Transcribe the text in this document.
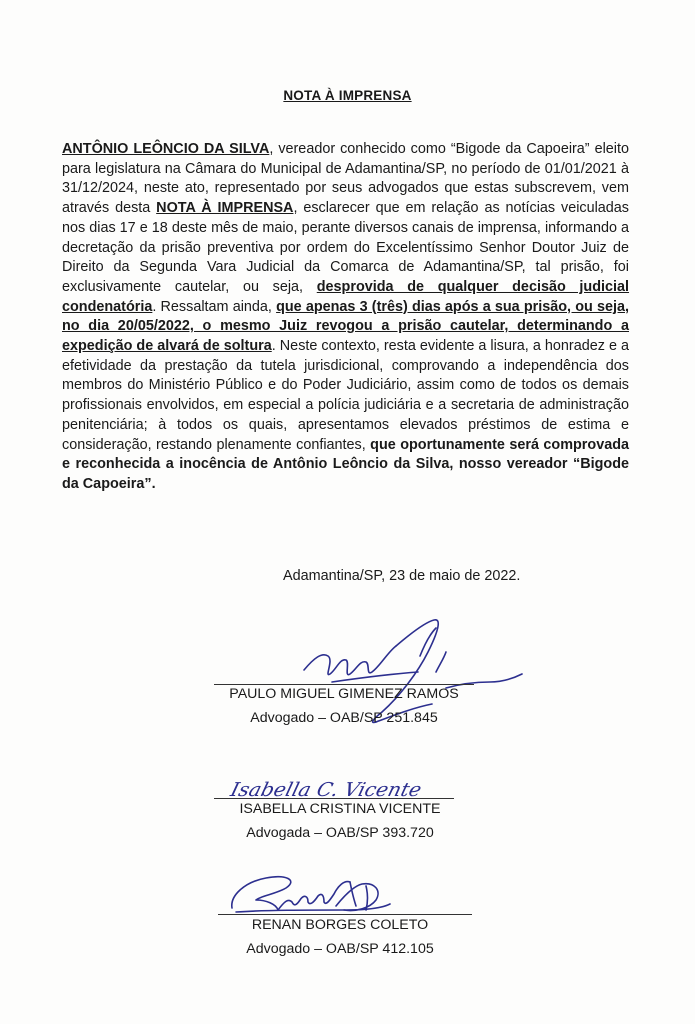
NOTA À IMPRENSA
ANTÔNIO LEÔNCIO DA SILVA, vereador conhecido como “Bigode da Capoeira” eleito para legislatura na Câmara do Municipal de Adamantina/SP, no período de 01/01/2021 à 31/12/2024, neste ato, representado por seus advogados que estas subscrevem, vem através desta NOTA À IMPRENSA, esclarecer que em relação as notícias veiculadas nos dias 17 e 18 deste mês de maio, perante diversos canais de imprensa, informando a decretação da prisão preventiva por ordem do Excelentíssimo Senhor Doutor Juiz de Direito da Segunda Vara Judicial da Comarca de Adamantina/SP, tal prisão, foi exclusivamente cautelar, ou seja, desprovida de qualquer decisão judicial condenatória. Ressaltam ainda, que apenas 3 (três) dias após a sua prisão, ou seja, no dia 20/05/2022, o mesmo Juiz revogou a prisão cautelar, determinando a expedição de alvará de soltura. Neste contexto, resta evidente a lisura, a honradez e a efetividade da prestação da tutela jurisdicional, comprovando a independência dos membros do Ministério Público e do Poder Judiciário, assim como de todos os demais profissionais envolvidos, em especial a polícia judiciária e a secretaria de administração penitenciária; à todos os quais, apresentamos elevados préstimos de estima e consideração, restando plenamente confiantes, que oportunamente será comprovada e reconhecida a inocência de Antônio Leôncio da Silva, nosso vereador “Bigode da Capoeira”.
Adamantina/SP, 23 de maio de 2022.
PAULO MIGUEL GIMENEZ RAMOS
Advogado – OAB/SP 251.845
Isabella C. Vicente
ISABELLA CRISTINA VICENTE
Advogada – OAB/SP 393.720
RENAN BORGES COLETO
Advogado – OAB/SP 412.105
